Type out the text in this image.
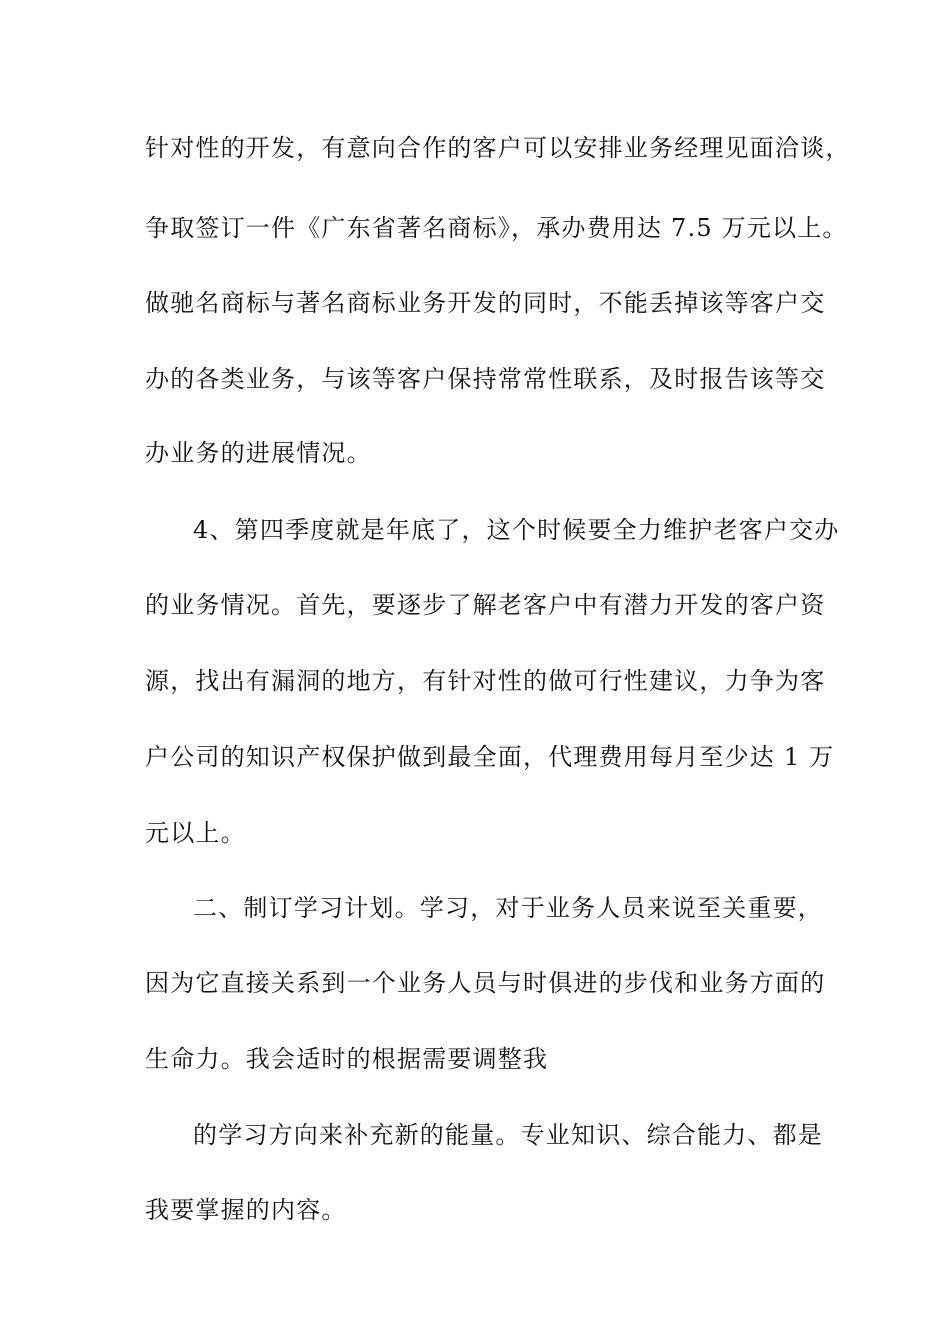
针对性的开发，有意向合作的客户可以安排业务经理见面洽谈，

争取签订一件《广东省著名商标》，承办费用达 7.5 万元以上。

做驰名商标与著名商标业务开发的同时，不能丢掉该等客户交

办的各类业务，与该等客户保持常常性联系，及时报告该等交

办业务的进展情况。

4、第四季度就是年底了，这个时候要全力维护老客户交办

的业务情况。首先，要逐步了解老客户中有潜力开发的客户资

源，找出有漏洞的地方，有针对性的做可行性建议，力争为客

户公司的知识产权保护做到最全面，代理费用每月至少达 1 万

元以上。

二、制订学习计划。学习，对于业务人员来说至关重要，

因为它直接关系到一个业务人员与时俱进的步伐和业务方面的

生命力。我会适时的根据需要调整我

的学习方向来补充新的能量。专业知识、综合能力、都是

我要掌握的内容。
